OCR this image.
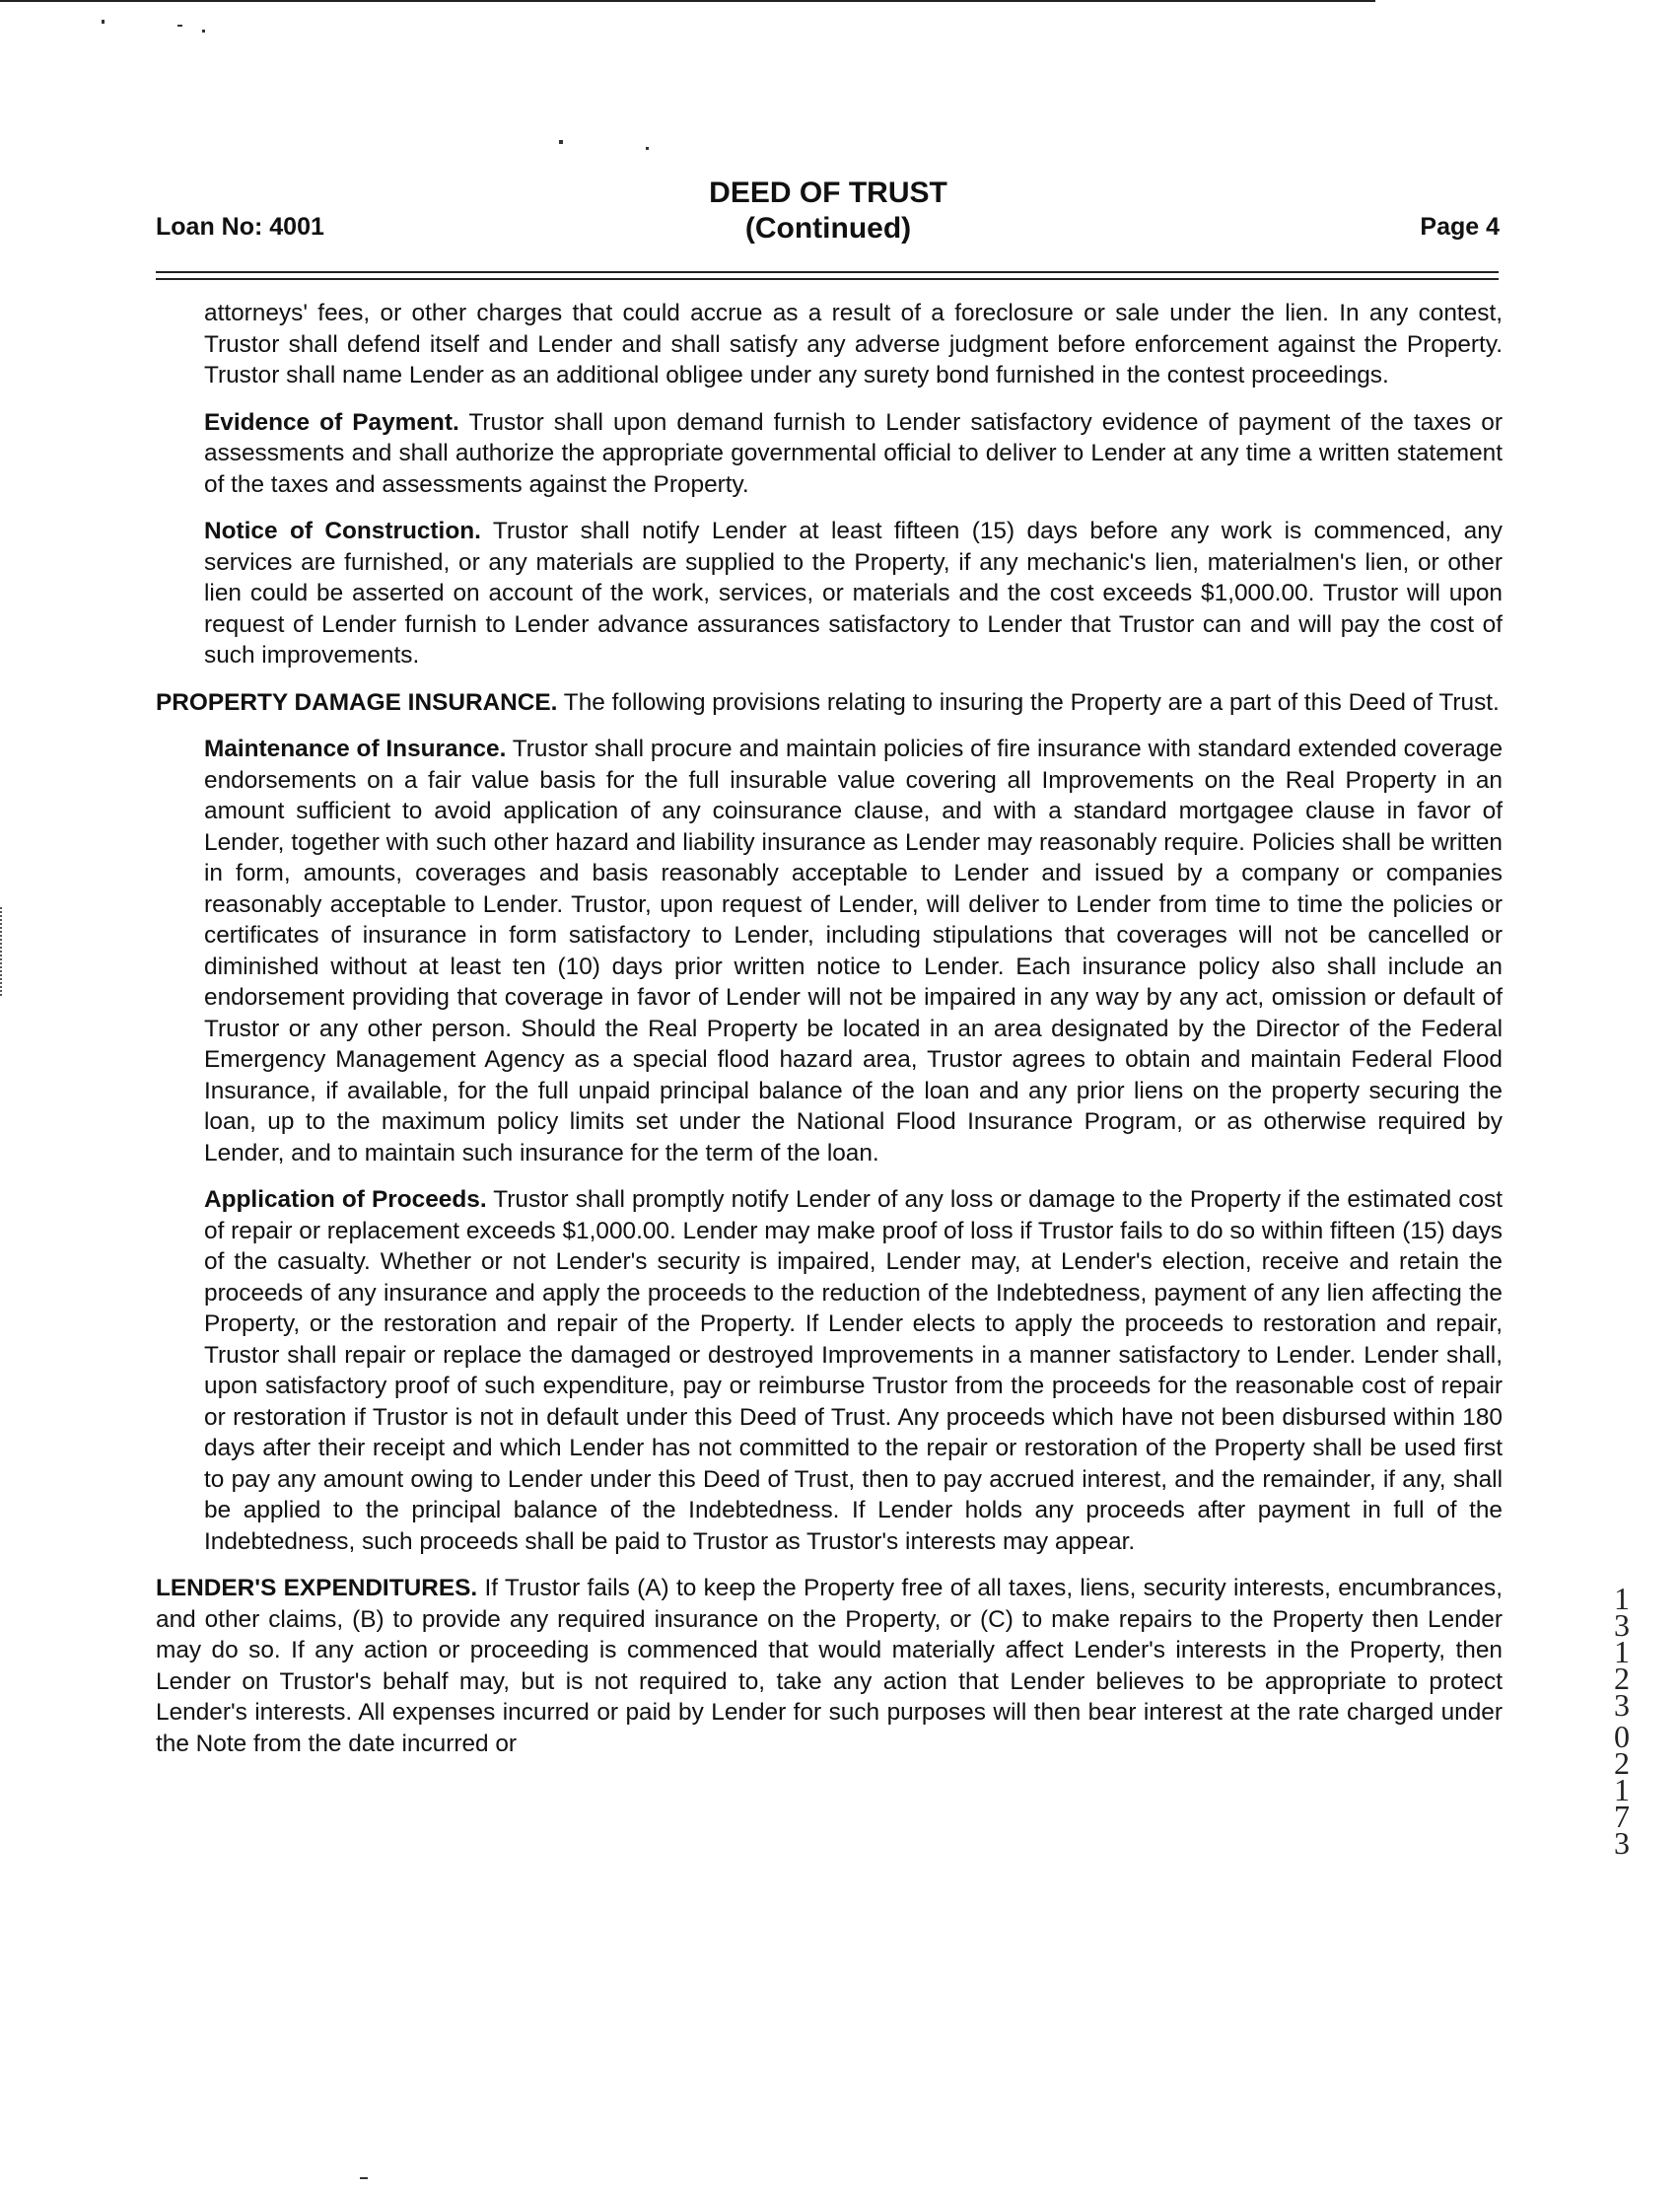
DEED OF TRUST
(Continued)
Loan No: 4001	Page 4

attorneys' fees, or other charges that could accrue as a result of a foreclosure or sale under the lien. In any contest, Trustor shall defend itself and Lender and shall satisfy any adverse judgment before enforcement against the Property. Trustor shall name Lender as an additional obligee under any surety bond furnished in the contest proceedings.

Evidence of Payment. Trustor shall upon demand furnish to Lender satisfactory evidence of payment of the taxes or assessments and shall authorize the appropriate governmental official to deliver to Lender at any time a written statement of the taxes and assessments against the Property.

Notice of Construction. Trustor shall notify Lender at least fifteen (15) days before any work is commenced, any services are furnished, or any materials are supplied to the Property, if any mechanic's lien, materialmen's lien, or other lien could be asserted on account of the work, services, or materials and the cost exceeds $1,000.00. Trustor will upon request of Lender furnish to Lender advance assurances satisfactory to Lender that Trustor can and will pay the cost of such improvements.

PROPERTY DAMAGE INSURANCE. The following provisions relating to insuring the Property are a part of this Deed of Trust.

Maintenance of Insurance. Trustor shall procure and maintain policies of fire insurance with standard extended coverage endorsements on a fair value basis for the full insurable value covering all Improvements on the Real Property in an amount sufficient to avoid application of any coinsurance clause, and with a standard mortgagee clause in favor of Lender, together with such other hazard and liability insurance as Lender may reasonably require. Policies shall be written in form, amounts, coverages and basis reasonably acceptable to Lender and issued by a company or companies reasonably acceptable to Lender. Trustor, upon request of Lender, will deliver to Lender from time to time the policies or certificates of insurance in form satisfactory to Lender, including stipulations that coverages will not be cancelled or diminished without at least ten (10) days prior written notice to Lender. Each insurance policy also shall include an endorsement providing that coverage in favor of Lender will not be impaired in any way by any act, omission or default of Trustor or any other person. Should the Real Property be located in an area designated by the Director of the Federal Emergency Management Agency as a special flood hazard area, Trustor agrees to obtain and maintain Federal Flood Insurance, if available, for the full unpaid principal balance of the loan and any prior liens on the property securing the loan, up to the maximum policy limits set under the National Flood Insurance Program, or as otherwise required by Lender, and to maintain such insurance for the term of the loan.

Application of Proceeds. Trustor shall promptly notify Lender of any loss or damage to the Property if the estimated cost of repair or replacement exceeds $1,000.00. Lender may make proof of loss if Trustor fails to do so within fifteen (15) days of the casualty. Whether or not Lender's security is impaired, Lender may, at Lender's election, receive and retain the proceeds of any insurance and apply the proceeds to the reduction of the Indebtedness, payment of any lien affecting the Property, or the restoration and repair of the Property. If Lender elects to apply the proceeds to restoration and repair, Trustor shall repair or replace the damaged or destroyed Improvements in a manner satisfactory to Lender. Lender shall, upon satisfactory proof of such expenditure, pay or reimburse Trustor from the proceeds for the reasonable cost of repair or restoration if Trustor is not in default under this Deed of Trust. Any proceeds which have not been disbursed within 180 days after their receipt and which Lender has not committed to the repair or restoration of the Property shall be used first to pay any amount owing to Lender under this Deed of Trust, then to pay accrued interest, and the remainder, if any, shall be applied to the principal balance of the Indebtedness. If Lender holds any proceeds after payment in full of the Indebtedness, such proceeds shall be paid to Trustor as Trustor's interests may appear.

LENDER'S EXPENDITURES. If Trustor fails (A) to keep the Property free of all taxes, liens, security interests, encumbrances, and other claims, (B) to provide any required insurance on the Property, or (C) to make repairs to the Property then Lender may do so. If any action or proceeding is commenced that would materially affect Lender's interests in the Property, then Lender on Trustor's behalf may, but is not required to, take any action that Lender believes to be appropriate to protect Lender's interests. All expenses incurred or paid by Lender for such purposes will then bear interest at the rate charged under the Note from the date incurred or

1 3 1 2 3
0 2 1 7 3
